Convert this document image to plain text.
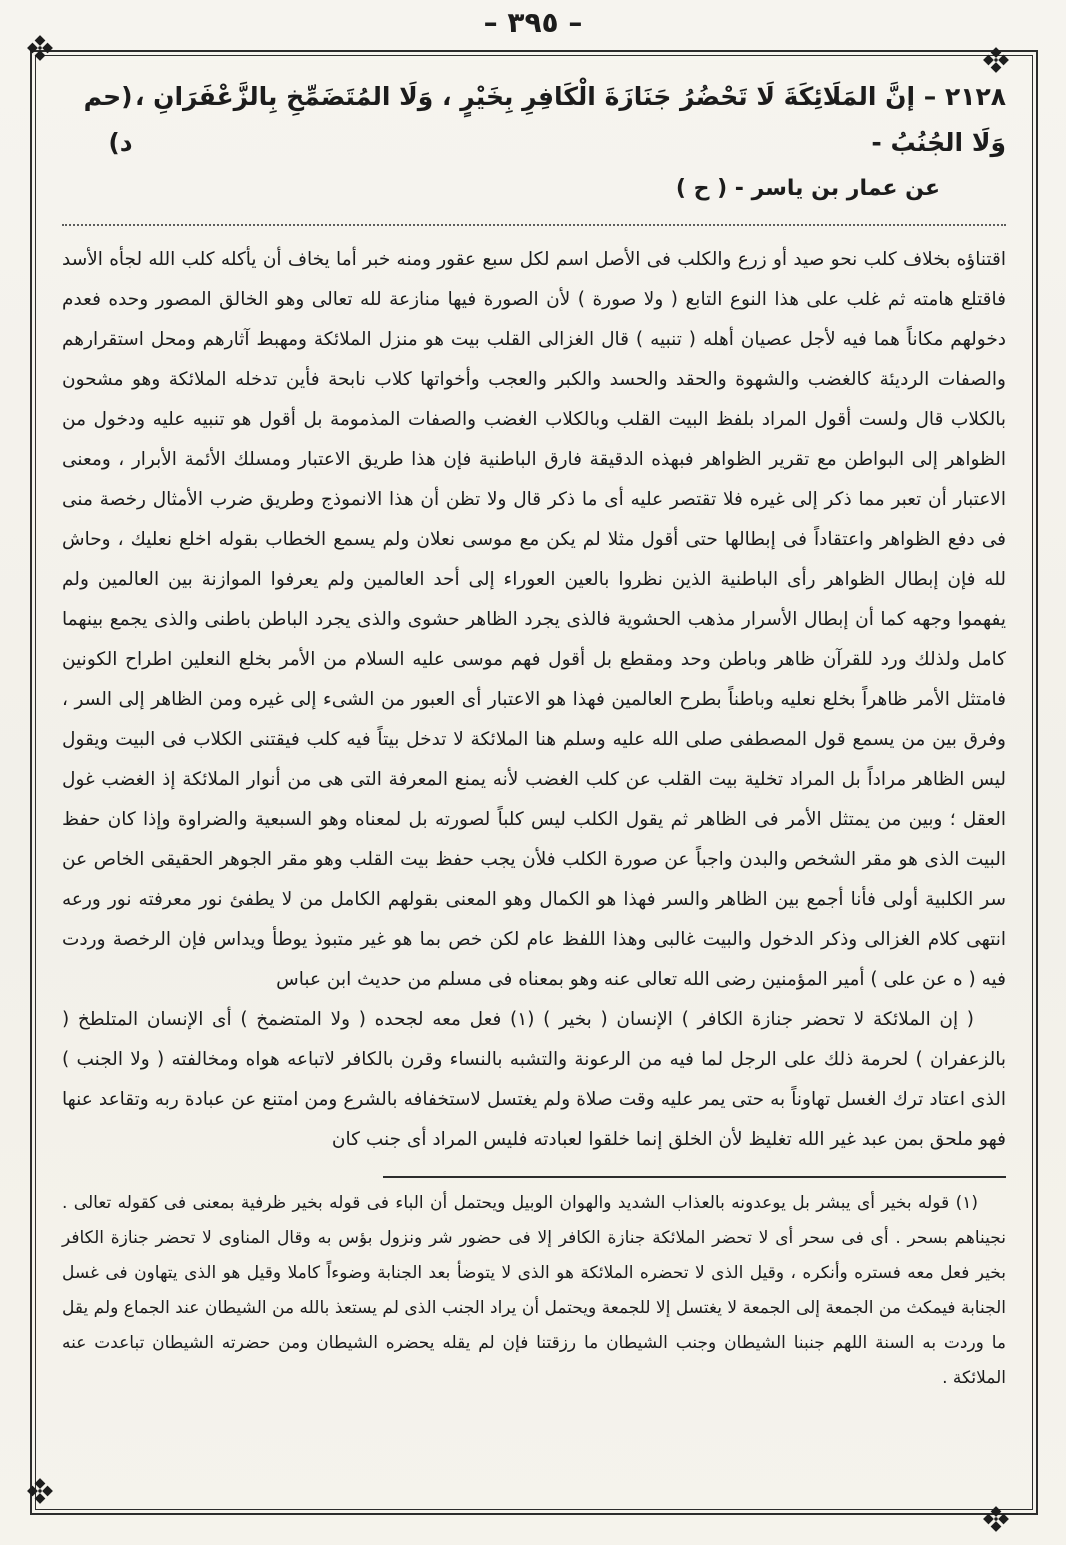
– ٣٩٥ –
٢١٢٨ – إنَّ المَلَائِكَةَ لَا تَحْضُرُ جَنَازَةَ الْكَافِرِ بِخَيْرٍ ، وَلَا المُتَضَمِّخِ بِالزَّعْفَرَانِ ، وَلَا الجُنُبُ -
(حم د)
عن عمار بن ياسر - ( ح )

اقتناؤه بخلاف كلب نحو صيد أو زرع والكلب فى الأصل اسم لكل سبع عقور ومنه خبر أما يخاف أن يأكله كلب الله لجأه الأسد فاقتلع هامته ثم غلب على هذا النوع التابع ( ولا صورة ) لأن الصورة فيها منازعة لله تعالى وهو الخالق المصور وحده فعدم دخولهم مكاناً هما فيه لأجل عصيان أهله ( تنبيه ) قال الغزالى القلب بيت هو منزل الملائكة ومهبط آثارهم ومحل استقرارهم والصفات الرديئة كالغضب والشهوة والحقد والحسد والكبر والعجب وأخواتها كلاب نابحة فأين تدخله الملائكة وهو مشحون بالكلاب قال ولست أقول المراد بلفظ البيت القلب وبالكلاب الغضب والصفات المذمومة بل أقول هو تنبيه عليه ودخول من الظواهر إلى البواطن مع تقرير الظواهر فبهذه الدقيقة فارق الباطنية فإن هذا طريق الاعتبار ومسلك الأئمة الأبرار ، ومعنى الاعتبار أن تعبر مما ذكر إلى غيره فلا تقتصر عليه أى ما ذكر قال ولا تظن أن هذا الانموذج وطريق ضرب الأمثال رخصة منى فى دفع الظواهر واعتقاداً فى إبطالها حتى أقول مثلا لم يكن مع موسى نعلان ولم يسمع الخطاب بقوله اخلع نعليك ، وحاش لله فإن إبطال الظواهر رأى الباطنية الذين نظروا بالعين العوراء إلى أحد العالمين ولم يعرفوا الموازنة بين العالمين ولم يفهموا وجهه كما أن إبطال الأسرار مذهب الحشوية فالذى يجرد الظاهر حشوى والذى يجرد الباطن باطنى والذى يجمع بينهما كامل ولذلك ورد للقرآن ظاهر وباطن وحد ومقطع بل أقول فهم موسى عليه السلام من الأمر بخلع النعلين اطراح الكونين فامتثل الأمر ظاهراً بخلع نعليه وباطناً بطرح العالمين فهذا هو الاعتبار أى العبور من الشىء إلى غيره ومن الظاهر إلى السر ، وفرق بين من يسمع قول المصطفى صلى الله عليه وسلم هنا الملائكة لا تدخل بيتاً فيه كلب فيقتنى الكلاب فى البيت ويقول ليس الظاهر مراداً بل المراد تخلية بيت القلب عن كلب الغضب لأنه يمنع المعرفة التى هى من أنوار الملائكة إذ الغضب غول العقل ؛ وبين من يمتثل الأمر فى الظاهر ثم يقول الكلب ليس كلباً لصورته بل لمعناه وهو السبعية والضراوة وإذا كان حفظ البيت الذى هو مقر الشخص والبدن واجباً عن صورة الكلب فلأن يجب حفظ بيت القلب وهو مقر الجوهر الحقيقى الخاص عن سر الكلبية أولى فأنا أجمع بين الظاهر والسر فهذا هو الكمال وهو المعنى بقولهم الكامل من لا يطفئ نور معرفته نور ورعه انتهى كلام الغزالى وذكر الدخول والبيت غالبى وهذا اللفظ عام لكن خص بما هو غير متبوذ يوطأ ويداس فإن الرخصة وردت فيه ( ه عن على ) أمير المؤمنين رضى الله تعالى عنه وهو بمعناه فى مسلم من حديث ابن عباس

( إن الملائكة لا تحضر جنازة الكافر ) الإنسان ( بخير ) (١) فعل معه لجحده ( ولا المتضمخ ) أى الإنسان المتلطخ ( بالزعفران ) لحرمة ذلك على الرجل لما فيه من الرعونة والتشبه بالنساء وقرن بالكافر لاتباعه هواه ومخالفته ( ولا الجنب ) الذى اعتاد ترك الغسل تهاوناً به حتى يمر عليه وقت صلاة ولم يغتسل لاستخفافه بالشرع ومن امتنع عن عبادة ربه وتقاعد عنها فهو ملحق بمن عبد غير الله تغليظ لأن الخلق إنما خلقوا لعبادته فليس المراد أى جنب كان

(١) قوله بخير أى يبشر بل يوعدونه بالعذاب الشديد والهوان الوبيل ويحتمل أن الباء فى قوله بخير ظرفية بمعنى فى كقوله تعالى . نجيناهم بسحر . أى فى سحر أى لا تحضر الملائكة جنازة الكافر إلا فى حضور شر ونزول بؤس به وقال المناوى لا تحضر جنازة الكافر بخير فعل معه فستره وأنكره ، وقيل الذى لا تحضره الملائكة هو الذى لا يتوضأ بعد الجنابة وضوءاً كاملا وقيل هو الذى يتهاون فى غسل الجنابة فيمكث من الجمعة إلى الجمعة لا يغتسل إلا للجمعة ويحتمل أن يراد الجنب الذى لم يستعذ بالله من الشيطان عند الجماع ولم يقل ما وردت به السنة اللهم جنبنا الشيطان وجنب الشيطان ما رزقتنا فإن لم يقله يحضره الشيطان ومن حضرته الشيطان تباعدت عنه الملائكة .
